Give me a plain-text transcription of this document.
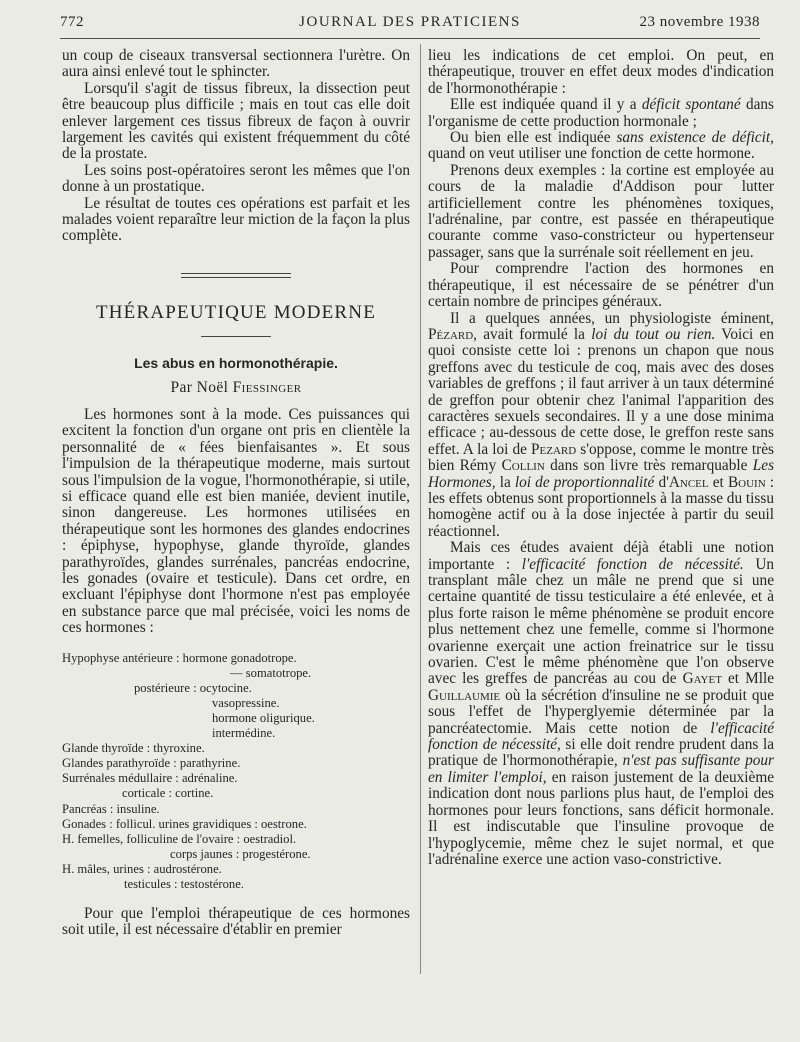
772	JOURNAL DES PRATICIENS	23 novembre 1938

un coup de ciseaux transversal sectionnera l'urètre. On aura ainsi enlevé tout le sphincter.

Lorsqu'il s'agit de tissus fibreux, la dissection peut être beaucoup plus difficile ; mais en tout cas elle doit enlever largement ces tissus fibreux de façon à ouvrir largement les cavités qui existent fréquemment du côté de la prostate.

Les soins post-opératoires seront les mêmes que l'on donne à un prostatique.

Le résultat de toutes ces opérations est parfait et les malades voient reparaître leur miction de la façon la plus complète.

THÉRAPEUTIQUE MODERNE
Les abus en hormonothérapie.
Par Noël Fiessinger

Les hormones sont à la mode. Ces puissances qui excitent la fonction d'un organe ont pris en clientèle la personnalité de « fées bienfaisantes ». Et sous l'impulsion de la thérapeutique moderne, mais surtout sous l'impulsion de la vogue, l'hormonothérapie, si utile, si efficace quand elle est bien maniée, devient inutile, sinon dangereuse. Les hormones utilisées en thérapeutique sont les hormones des glandes endocrines : épiphyse, hypophyse, glande thyroïde, glandes parathyroïdes, glandes surrénales, pancréas endocrine, les gonades (ovaire et testicule). Dans cet ordre, en excluant l'épiphyse dont l'hormone n'est pas employée en substance parce que mal précisée, voici les noms de ces hormones :

Hypophyse antérieure : hormone gonadotrope.
— somatotrope.
postérieure : ocytocine.
vasopressine.
hormone oligurique.
intermédine.
Glande thyroïde : thyroxine.
Glandes parathyroïde : parathyrine.
Surrénales médullaire : adrénaline.
corticale : cortine.
Pancréas : insuline.
Gonades : follicul. urines gravidiques : oestrone.
H. femelles, folliculine de l'ovaire : oestradiol.
corps jaunes : progestérone.
H. mâles, urines : audrostérone.
testicules : testostérone.

Pour que l'emploi thérapeutique de ces hormones soit utile, il est nécessaire d'établir en premier

lieu les indications de cet emploi. On peut, en thérapeutique, trouver en effet deux modes d'indication de l'hormonothérapie :

Elle est indiquée quand il y a déficit spontané dans l'organisme de cette production hormonale ;

Ou bien elle est indiquée sans existence de déficit, quand on veut utiliser une fonction de cette hormone.

Prenons deux exemples : la cortine est employée au cours de la maladie d'Addison pour lutter artificiellement contre les phénomènes toxiques, l'adrénaline, par contre, est passée en thérapeutique courante comme vaso-constricteur ou hypertenseur passager, sans que la surrénale soit réellement en jeu.

Pour comprendre l'action des hormones en thérapeutique, il est nécessaire de se pénétrer d'un certain nombre de principes généraux.

Il a quelques années, un physiologiste éminent, Pézard, avait formulé la loi du tout ou rien. Voici en quoi consiste cette loi : prenons un chapon que nous greffons avec du testicule de coq, mais avec des doses variables de greffons ; il faut arriver à un taux déterminé de greffon pour obtenir chez l'animal l'apparition des caractères sexuels secondaires. Il y a une dose minima efficace ; au-dessous de cette dose, le greffon reste sans effet. A la loi de Pezard s'oppose, comme le montre très bien Rémy Collin dans son livre très remarquable Les Hormones, la loi de proportionnalité d'Ancel et Bouin : les effets obtenus sont proportionnels à la masse du tissu homogène actif ou à la dose injectée à partir du seuil réactionnel.

Mais ces études avaient déjà établi une notion importante : l'efficacité fonction de nécessité. Un transplant mâle chez un mâle ne prend que si une certaine quantité de tissu testiculaire a été enlevée, et à plus forte raison le même phénomène se produit encore plus nettement chez une femelle, comme si l'hormone ovarienne exerçait une action freinatrice sur le tissu ovarien. C'est le même phénomène que l'on observe avec les greffes de pancréas au cou de Gayet et Mlle Guillaumie où la sécrétion d'insuline ne se produit que sous l'effet de l'hyperglyemie déterminée par la pancréatectomie. Mais cette notion de l'efficacité fonction de nécessité, si elle doit rendre prudent dans la pratique de l'hormonothérapie, n'est pas suffisante pour en limiter l'emploi, en raison justement de la deuxième indication dont nous parlions plus haut, de l'emploi des hormones pour leurs fonctions, sans déficit hormonale. Il est indiscutable que l'insuline provoque de l'hypoglycemie, même chez le sujet normal, et que l'adrénaline exerce une action vaso-constrictive.
